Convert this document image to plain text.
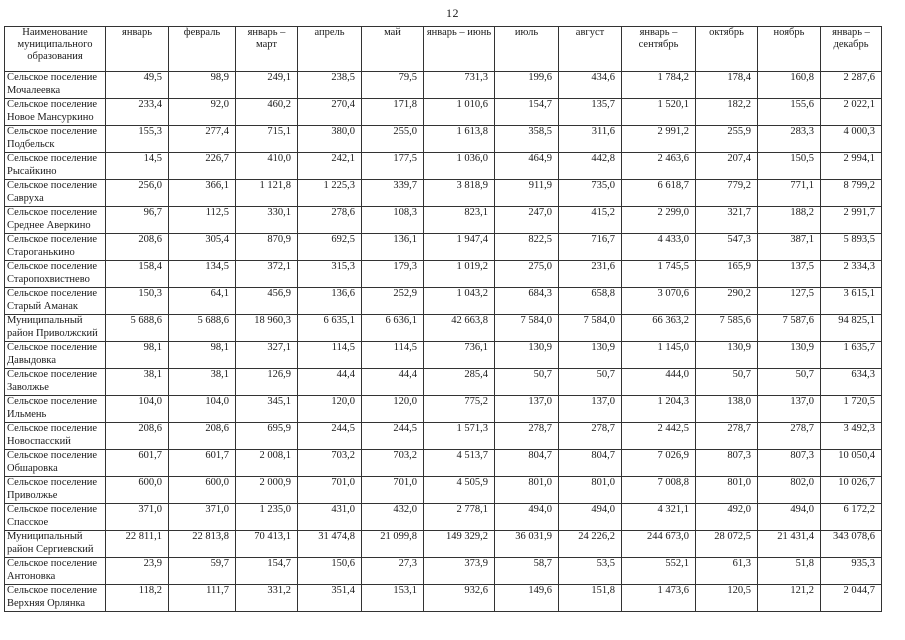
12
Наименование муниципального образования	январь	февраль	январь – март	апрель	май	январь – июнь	июль	август	январь – сентябрь	октябрь	ноябрь	январь – декабрь
Сельское поселение Мочалеевка	49,5	98,9	249,1	238,5	79,5	731,3	199,6	434,6	1 784,2	178,4	160,8	2 287,6
Сельское поселение Новое Мансуркино	233,4	92,0	460,2	270,4	171,8	1 010,6	154,7	135,7	1 520,1	182,2	155,6	2 022,1
Сельское поселение Подбельск	155,3	277,4	715,1	380,0	255,0	1 613,8	358,5	311,6	2 991,2	255,9	283,3	4 000,3
Сельское поселение Рысайкино	14,5	226,7	410,0	242,1	177,5	1 036,0	464,9	442,8	2 463,6	207,4	150,5	2 994,1
Сельское поселение Савруха	256,0	366,1	1 121,8	1 225,3	339,7	3 818,9	911,9	735,0	6 618,7	779,2	771,1	8 799,2
Сельское поселение Среднее Аверкино	96,7	112,5	330,1	278,6	108,3	823,1	247,0	415,2	2 299,0	321,7	188,2	2 991,7
Сельское поселение Староганькино	208,6	305,4	870,9	692,5	136,1	1 947,4	822,5	716,7	4 433,0	547,3	387,1	5 893,5
Сельское поселение Старопохвистнево	158,4	134,5	372,1	315,3	179,3	1 019,2	275,0	231,6	1 745,5	165,9	137,5	2 334,3
Сельское поселение Старый Аманак	150,3	64,1	456,9	136,6	252,9	1 043,2	684,3	658,8	3 070,6	290,2	127,5	3 615,1
Муниципальный район Приволжский	5 688,6	5 688,6	18 960,3	6 635,1	6 636,1	42 663,8	7 584,0	7 584,0	66 363,2	7 585,6	7 587,6	94 825,1
Сельское поселение Давыдовка	98,1	98,1	327,1	114,5	114,5	736,1	130,9	130,9	1 145,0	130,9	130,9	1 635,7
Сельское поселение Заволжье	38,1	38,1	126,9	44,4	44,4	285,4	50,7	50,7	444,0	50,7	50,7	634,3
Сельское поселение Ильмень	104,0	104,0	345,1	120,0	120,0	775,2	137,0	137,0	1 204,3	138,0	137,0	1 720,5
Сельское поселение Новоспасский	208,6	208,6	695,9	244,5	244,5	1 571,3	278,7	278,7	2 442,5	278,7	278,7	3 492,3
Сельское поселение Обшаровка	601,7	601,7	2 008,1	703,2	703,2	4 513,7	804,7	804,7	7 026,9	807,3	807,3	10 050,4
Сельское поселение Приволжье	600,0	600,0	2 000,9	701,0	701,0	4 505,9	801,0	801,0	7 008,8	801,0	802,0	10 026,7
Сельское поселение Спасское	371,0	371,0	1 235,0	431,0	432,0	2 778,1	494,0	494,0	4 321,1	492,0	494,0	6 172,2
Муниципальный район Сергиевский	22 811,1	22 813,8	70 413,1	31 474,8	21 099,8	149 329,2	36 031,9	24 226,2	244 673,0	28 072,5	21 431,4	343 078,6
Сельское поселение Антоновка	23,9	59,7	154,7	150,6	27,3	373,9	58,7	53,5	552,1	61,3	51,8	935,3
Сельское поселение Верхняя Орлянка	118,2	111,7	331,2	351,4	153,1	932,6	149,6	151,8	1 473,6	120,5	121,2	2 044,7
